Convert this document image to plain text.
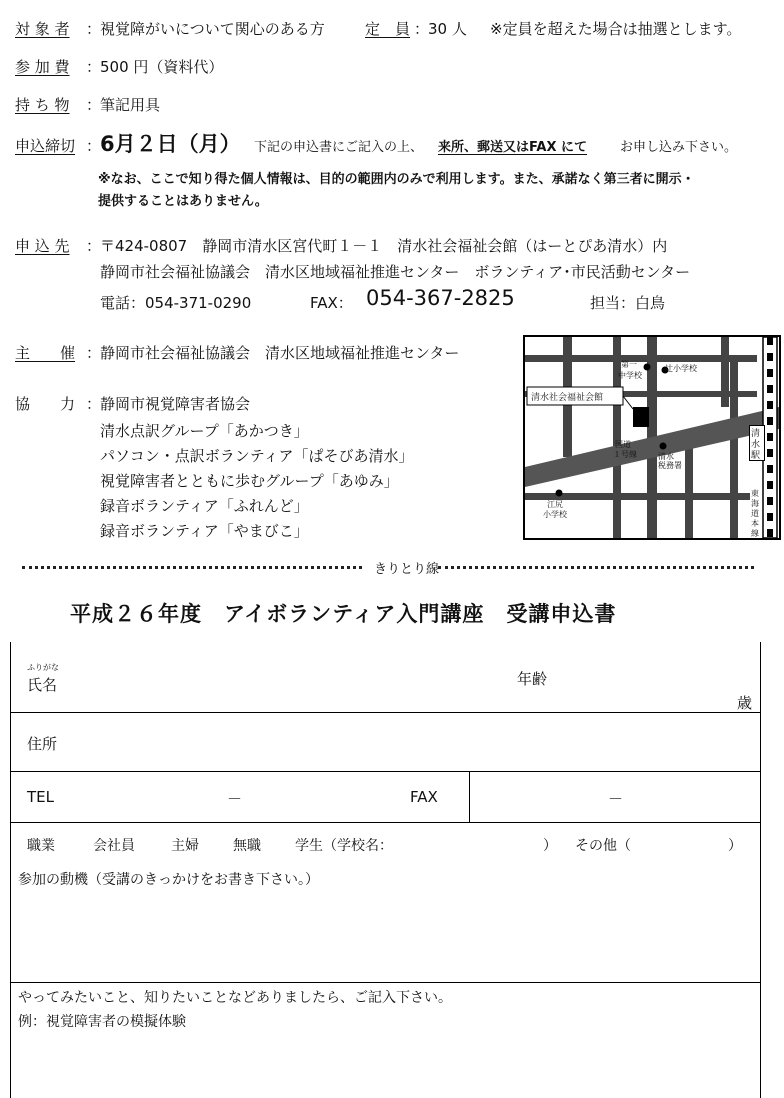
対 象 者 ：
視覚障がいについて関心のある方	定　員 ：
30 人 ※定員を超えた場合は抽選とします。
参 加 費 ：
500 円（資料代）
持 ち 物 ：
筆記用具
申込締切 ：
6月２日（月） 下記の申込書にご記入の上、 来所、郵送又はFAX にて	お申し込み下さい。
※なお、ここで知り得た個人情報は、目的の範囲内のみで利用します。また、承諾なく第三者に開示・
提供することはありません。
申 込 先 ：
〒424-0807　静岡市清水区宮代町１－１　清水社会福祉会館（はーとぴあ清水）内
静岡市社会福祉協議会　清水区地域福祉推進センター　ボランティア･市民活動センター
電話：054-371-0290	FAX： 054-367-2825	担当：白鳥
主　　催 ：
静岡市社会福祉協議会　清水区地域福祉推進センター
協　　力 ：
静岡市視覚障害者協会
清水点訳グループ「あかつき」
パソコン・点訳ボランティア「ぱそびあ清水」
視覚障害者とともに歩むグループ「あゆみ」
録音ボランティア「ふれんど」
録音ボランティア「やまびこ」
第一
中学校
辻小学校
清水社会福祉会館
国道
１号線	清水
税務署
江尻
小学校
清
水
駅
東
海
道
本
線
きりとり線
平成２６年度　アイボランティア入門講座　受講申込書
ふりがな
氏名	年齢
歳
住所
TEL	－	FAX	－
職業	会社員	主婦 無職 学生（学校名：	） その他（	）
参加の動機（受講のきっかけをお書き下さい。）
やってみたいこと、知りたいことなどありましたら、ご記入下さい。
例：視覚障害者の模擬体験
